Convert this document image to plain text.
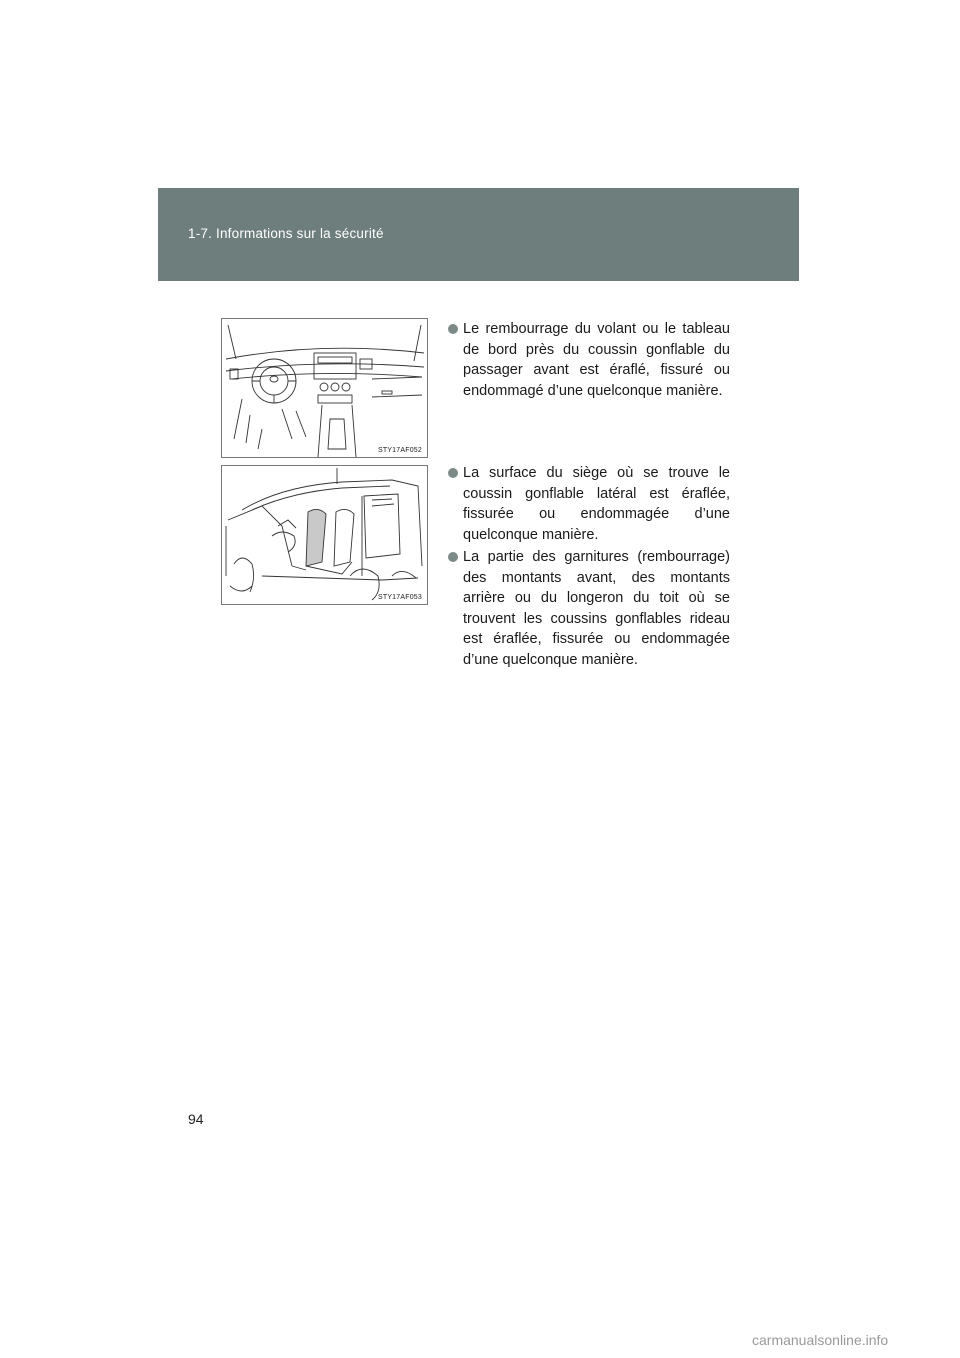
1-7. Informations sur la sécurité
STY17AF052
STY17AF053
Le rembourrage du volant ou le tableau de bord près du coussin gonflable du passager avant est éraflé, fissuré ou endommagé d’une quelconque manière.
La surface du siège où se trouve le coussin gonflable latéral est éraflée, fissurée ou endommagée d’une quelconque manière.
La partie des garnitures (rembourrage) des montants avant, des montants arrière ou du longeron du toit où se trouvent les coussins gonflables rideau est éraflée, fissurée ou endommagée d’une quelconque manière.
94
carmanualsonline.info
